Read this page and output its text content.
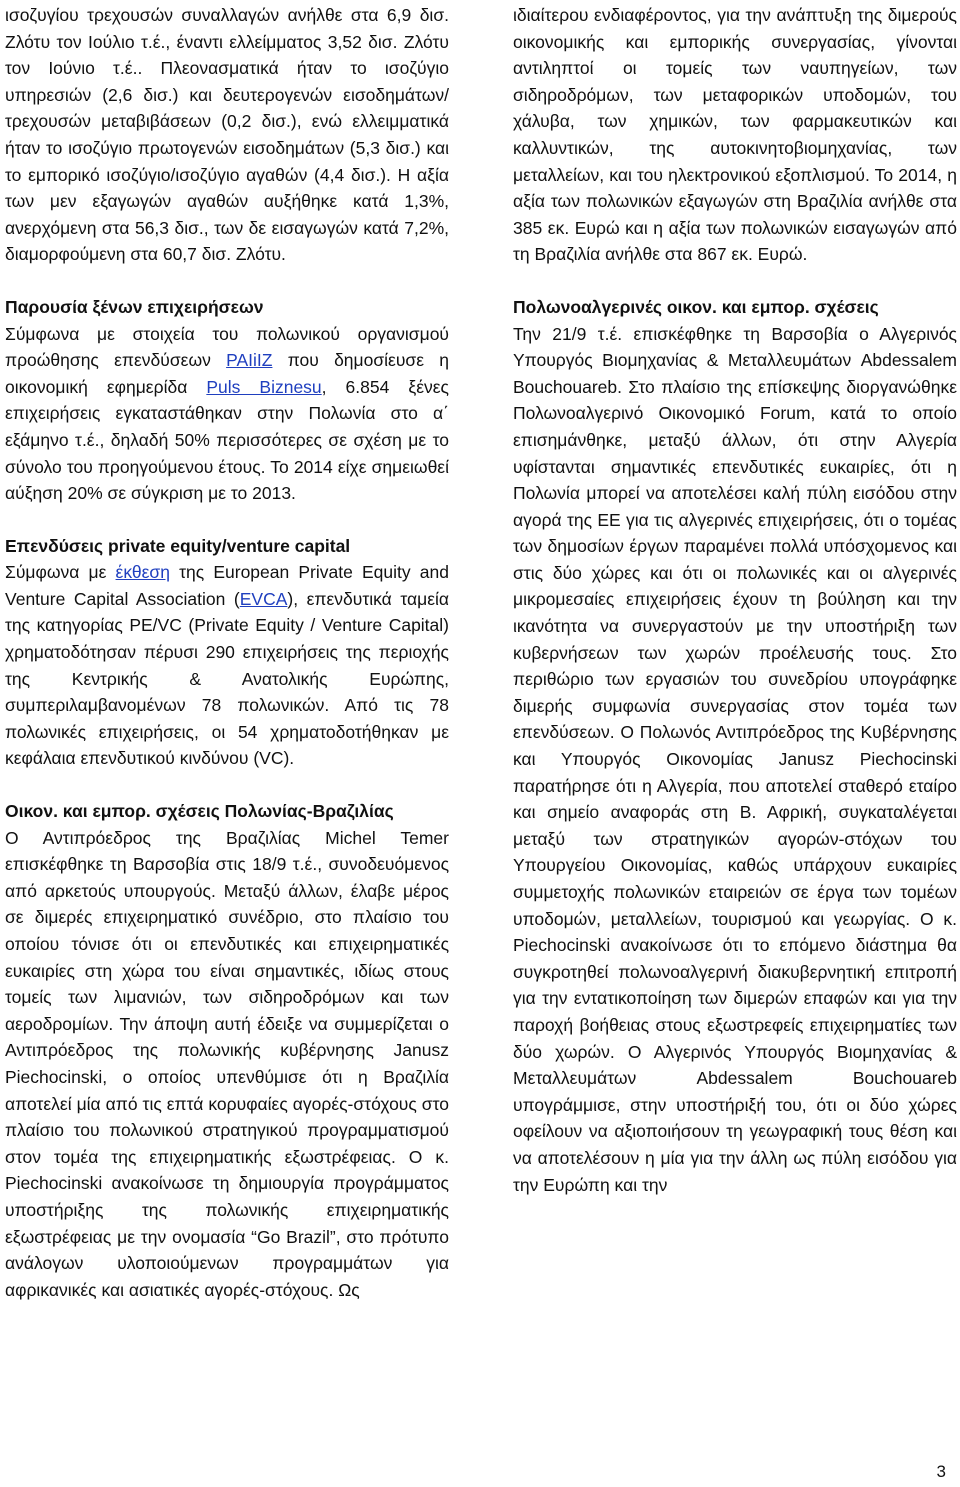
ισοζυγίου τρεχουσών συναλλαγών ανήλθε στα 6,9 δισ. Ζλότυ τον Ιούλιο τ.έ., έναντι ελλείμματος 3,52 δισ. Ζλότυ τον Ιούνιο τ.έ.. Πλεονασματικά ήταν το ισοζύγιο υπηρεσιών (2,6 δισ.) και δευτερογενών εισοδημάτων/τρεχουσών μεταβιβάσεων (0,2 δισ.), ενώ ελλειμματικά ήταν το ισοζύγιο πρωτογενών εισοδημάτων (5,3 δισ.) και το εμπορικό ισοζύγιο/ισοζύγιο αγαθών (4,4 δισ.). Η αξία των μεν εξαγωγών αγαθών αυξήθηκε κατά 1,3%, ανερχόμενη στα 56,3 δισ., των δε εισαγωγών κατά 7,2%, διαμορφούμενη στα 60,7 δισ. Ζλότυ.

Παρουσία ξένων επιχειρήσεων

Σύμφωνα με στοιχεία του πολωνικού οργανισμού προώθησης επενδύσεων PAIiIZ που δημοσίευσε η οικονομική εφημερίδα Puls Biznesu, 6.854 ξένες επιχειρήσεις εγκαταστάθηκαν στην Πολωνία στο α΄ εξάμηνο τ.έ., δηλαδή 50% περισσότερες σε σχέση με το σύνολο του προηγούμενου έτους. Το 2014 είχε σημειωθεί αύξηση 20% σε σύγκριση με το 2013.

Επενδύσεις private equity/venture capital

Σύμφωνα με έκθεση της European Private Equity and Venture Capital Association (EVCA), επενδυτικά ταμεία της κατηγορίας PE/VC (Private Equity / Venture Capital) χρηματοδότησαν πέρυσι 290 επιχειρήσεις της περιοχής της Κεντρικής & Ανατολικής Ευρώπης, συμπεριλαμβανομένων 78 πολωνικών. Από τις 78 πολωνικές επιχειρήσεις, οι 54 χρηματοδοτήθηκαν με κεφάλαια επενδυτικού κινδύνου (VC).

Οικον. και εμπορ. σχέσεις Πολωνίας-Βραζιλίας

Ο Αντιπρόεδρος της Βραζιλίας Michel Temer επισκέφθηκε τη Βαρσοβία στις 18/9 τ.έ., συνοδευόμενος από αρκετούς υπουργούς. Μεταξύ άλλων, έλαβε μέρος σε διμερές επιχειρηματικό συνέδριο, στο πλαίσιο του οποίου τόνισε ότι οι επενδυτικές και επιχειρηματικές ευκαιρίες στη χώρα του είναι σημαντικές, ιδίως στους τομείς των λιμανιών, των σιδηροδρόμων και των αεροδρομίων. Την άποψη αυτή έδειξε να συμμερίζεται ο Αντιπρόεδρος της πολωνικής κυβέρνησης Janusz Piechocinski, ο οποίος υπενθύμισε ότι η Βραζιλία αποτελεί μία από τις επτά κορυφαίες αγορές-στόχους στο πλαίσιο του πολωνικού στρατηγικού προγραμματισμού στον τομέα της επιχειρηματικής εξωστρέφειας. Ο κ. Piechocinski ανακοίνωσε τη δημιουργία προγράμματος υποστήριξης της πολωνικής επιχειρηματικής εξωστρέφειας με την ονομασία “Go Brazil”, στο πρότυπο ανάλογων υλοποιούμενων προγραμμάτων για αφρικανικές και ασιατικές αγορές-στόχους. Ως

ιδιαίτερου ενδιαφέροντος, για την ανάπτυξη της διμερούς οικονομικής και εμπορικής συνεργασίας, γίνονται αντιληπτοί οι τομείς των ναυπηγείων, των σιδηροδρόμων, των μεταφορικών υποδομών, του χάλυβα, των χημικών, των φαρμακευτικών και καλλυντικών, της αυτοκινητοβιομηχανίας, των μεταλλείων, και του ηλεκτρονικού εξοπλισμού. Το 2014, η αξία των πολωνικών εξαγωγών στη Βραζιλία ανήλθε στα 385 εκ. Ευρώ και η αξία των πολωνικών εισαγωγών από τη Βραζιλία ανήλθε στα 867 εκ. Ευρώ.

Πολωνοαλγερινές οικον. και εμπορ. σχέσεις

Την 21/9 τ.έ. επισκέφθηκε τη Βαρσοβία ο Αλγερινός Υπουργός Βιομηχανίας & Μεταλλευμάτων Abdessalem Bouchouareb. Στο πλαίσιο της επίσκεψης διοργανώθηκε Πολωνοαλγερινό Οικονομικό Forum, κατά το οποίο επισημάνθηκε, μεταξύ άλλων, ότι στην Αλγερία υφίστανται σημαντικές επενδυτικές ευκαιρίες, ότι η Πολωνία μπορεί να αποτελέσει καλή πύλη εισόδου στην αγορά της ΕΕ για τις αλγερινές επιχειρήσεις, ότι ο τομέας των δημοσίων έργων παραμένει πολλά υπόσχομενος και στις δύο χώρες και ότι οι πολωνικές και οι αλγερινές μικρομεσαίες επιχειρήσεις έχουν τη βούληση και την ικανότητα να συνεργαστούν με την υποστήριξη των κυβερνήσεων των χωρών προέλευσής τους. Στο περιθώριο των εργασιών του συνεδρίου υπογράφηκε διμερής συμφωνία συνεργασίας στον τομέα των επενδύσεων. Ο Πολωνός Αντιπρόεδρος της Κυβέρνησης και Υπουργός Οικονομίας Janusz Piechocinski παρατήρησε ότι η Αλγερία, που αποτελεί σταθερό εταίρο και σημείο αναφοράς στη Β. Αφρική, συγκαταλέγεται μεταξύ των στρατηγικών αγορών-στόχων του Υπουργείου Οικονομίας, καθώς υπάρχουν ευκαιρίες συμμετοχής πολωνικών εταιρειών σε έργα των τομέων υποδομών, μεταλλείων, τουρισμού και γεωργίας. Ο κ. Piechocinski ανακοίνωσε ότι το επόμενο διάστημα θα συγκροτηθεί πολωνοαλγερινή διακυβερνητική επιτροπή για την εντατικοποίηση των διμερών επαφών και για την παροχή βοήθειας στους εξωστρεφείς επιχειρηματίες των δύο χωρών. Ο Αλγερινός Υπουργός Βιομηχανίας & Μεταλλευμάτων Abdessalem Bouchouareb υπογράμμισε, στην υποστήριξή του, ότι οι δύο χώρες οφείλουν να αξιοποιήσουν τη γεωγραφική τους θέση και να αποτελέσουν η μία για την άλλη ως πύλη εισόδου για την Ευρώπη και την

3
